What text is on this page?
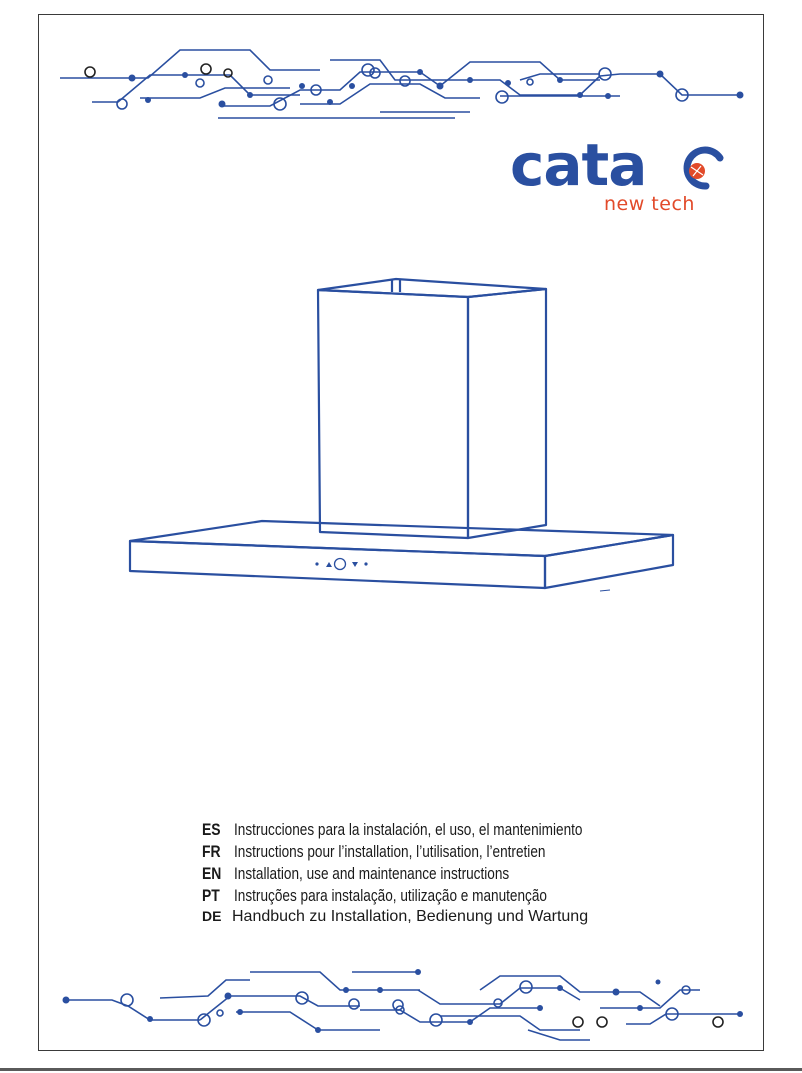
cata
new tech
ES Instrucciones para la instalación, el uso, el mantenimiento
FR Instructions pour l’installation, l’utilisation, l’entretien
EN Installation, use and maintenance instructions
PT Instruções para instalação, utilização e manutenção
DE Handbuch zu Installation, Bedienung und Wartung
